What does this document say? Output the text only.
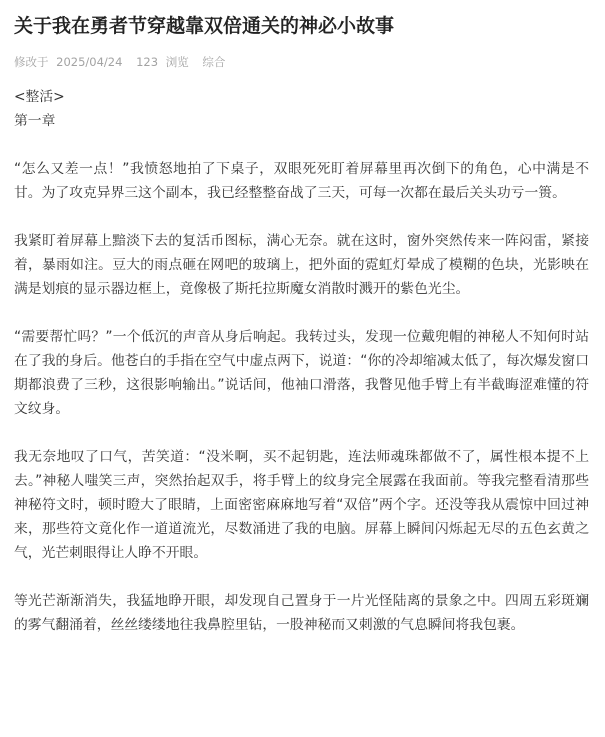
关于我在勇者节穿越靠双倍通关的神必小故事
修改于 2025/04/24 123 浏览 综合

<整活>

第一章

“怎么又差一点！”我愤怒地拍了下桌子，双眼死死盯着屏幕里再次倒下的角色，心中满是不甘。为了攻克异界三这个副本，我已经整整奋战了三天，可每一次都在最后关头功亏一篑。

我紧盯着屏幕上黯淡下去的复活币图标，满心无奈。就在这时，窗外突然传来一阵闷雷，紧接着，暴雨如注。豆大的雨点砸在网吧的玻璃上，把外面的霓虹灯晕成了模糊的色块，光影映在满是划痕的显示器边框上，竟像极了斯托拉斯魔女消散时溅开的紫色光尘。

“需要帮忙吗？”一个低沉的声音从身后响起。我转过头，发现一位戴兜帽的神秘人不知何时站在了我的身后。他苍白的手指在空气中虚点两下，说道：“你的冷却缩减太低了，每次爆发窗口期都浪费了三秒，这很影响输出。”说话间，他袖口滑落，我瞥见他手臂上有半截晦涩难懂的符文纹身。

我无奈地叹了口气，苦笑道：“没米啊，买不起钥匙，连法师魂珠都做不了，属性根本提不上去。”神秘人嗤笑三声，突然抬起双手，将手臂上的纹身完全展露在我面前。等我完整看清那些神秘符文时，顿时瞪大了眼睛，上面密密麻麻地写着“双倍”两个字。还没等我从震惊中回过神来，那些符文竟化作一道道流光，尽数涌进了我的电脑。屏幕上瞬间闪烁起无尽的五色玄黄之气，光芒刺眼得让人睁不开眼。

等光芒渐渐消失，我猛地睁开眼，却发现自己置身于一片光怪陆离的景象之中。四周五彩斑斓的雾气翻涌着，丝丝缕缕地往我鼻腔里钻，一股神秘而又刺激的气息瞬间将我包裹。
